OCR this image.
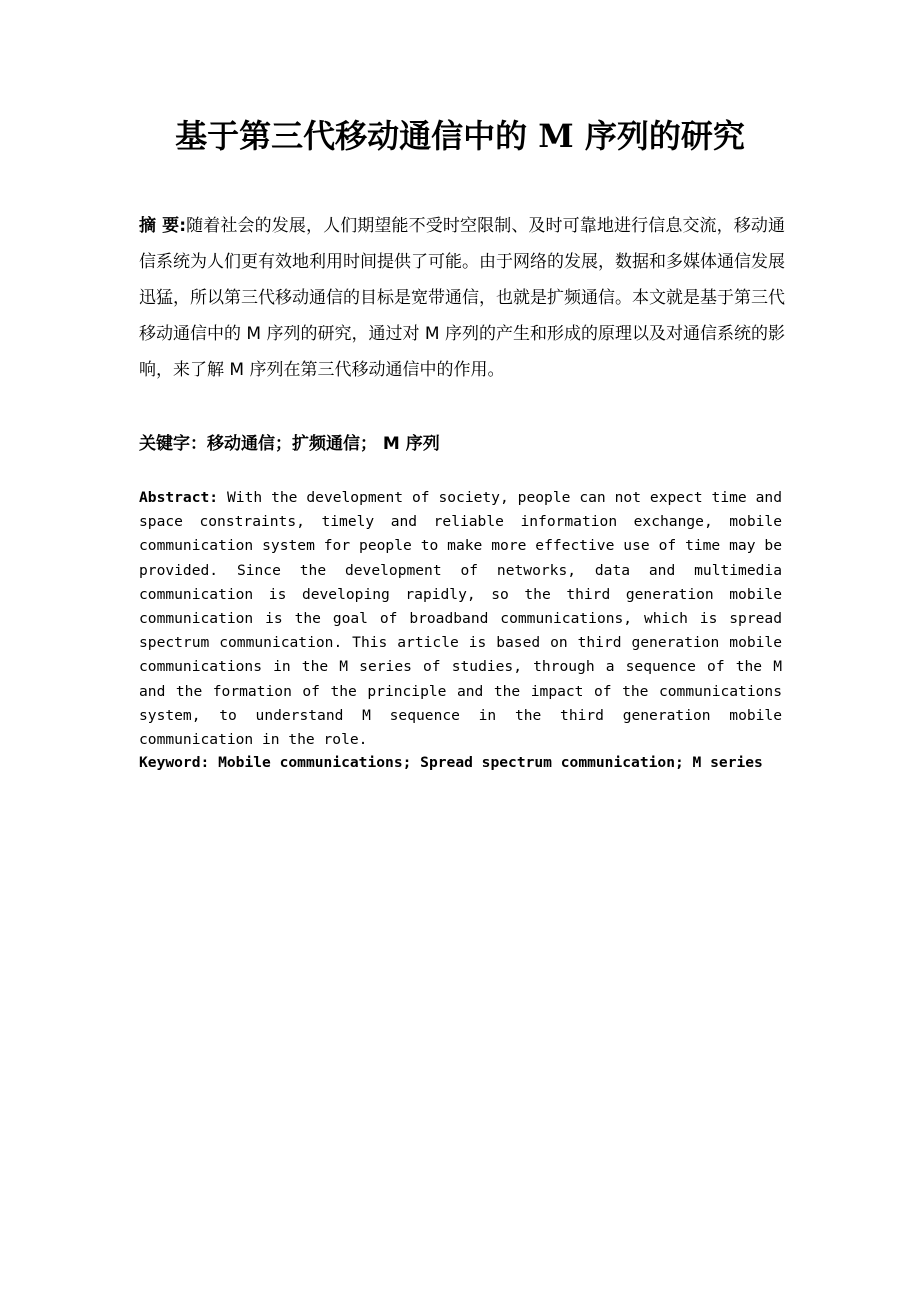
基于第三代移动通信中的 M 序列的研究

摘 要:随着社会的发展，人们期望能不受时空限制、及时可靠地进行信息交流，移动通信系统为人们更有效地利用时间提供了可能。由于网络的发展，数据和多媒体通信发展迅猛，所以第三代移动通信的目标是宽带通信，也就是扩频通信。本文就是基于第三代移动通信中的 M 序列的研究，通过对 M 序列的产生和形成的原理以及对通信系统的影响，来了解 M 序列在第三代移动通信中的作用。

关键字：移动通信；扩频通信； M 序列

Abstract: With the development of society, people can not expect time and space constraints, timely and reliable information exchange, mobile communication system for people to make more effective use of time may be provided. Since the development of networks, data and multimedia communication is developing rapidly, so the third generation mobile communication is the goal of broadband communications, which is spread spectrum communication. This article is based on third generation mobile communications in the M series of studies, through a sequence of the M and the formation of the principle and the impact of the communications system, to understand M sequence in the third generation mobile communication in the role.

Keyword: Mobile communications; Spread spectrum communication; M series
